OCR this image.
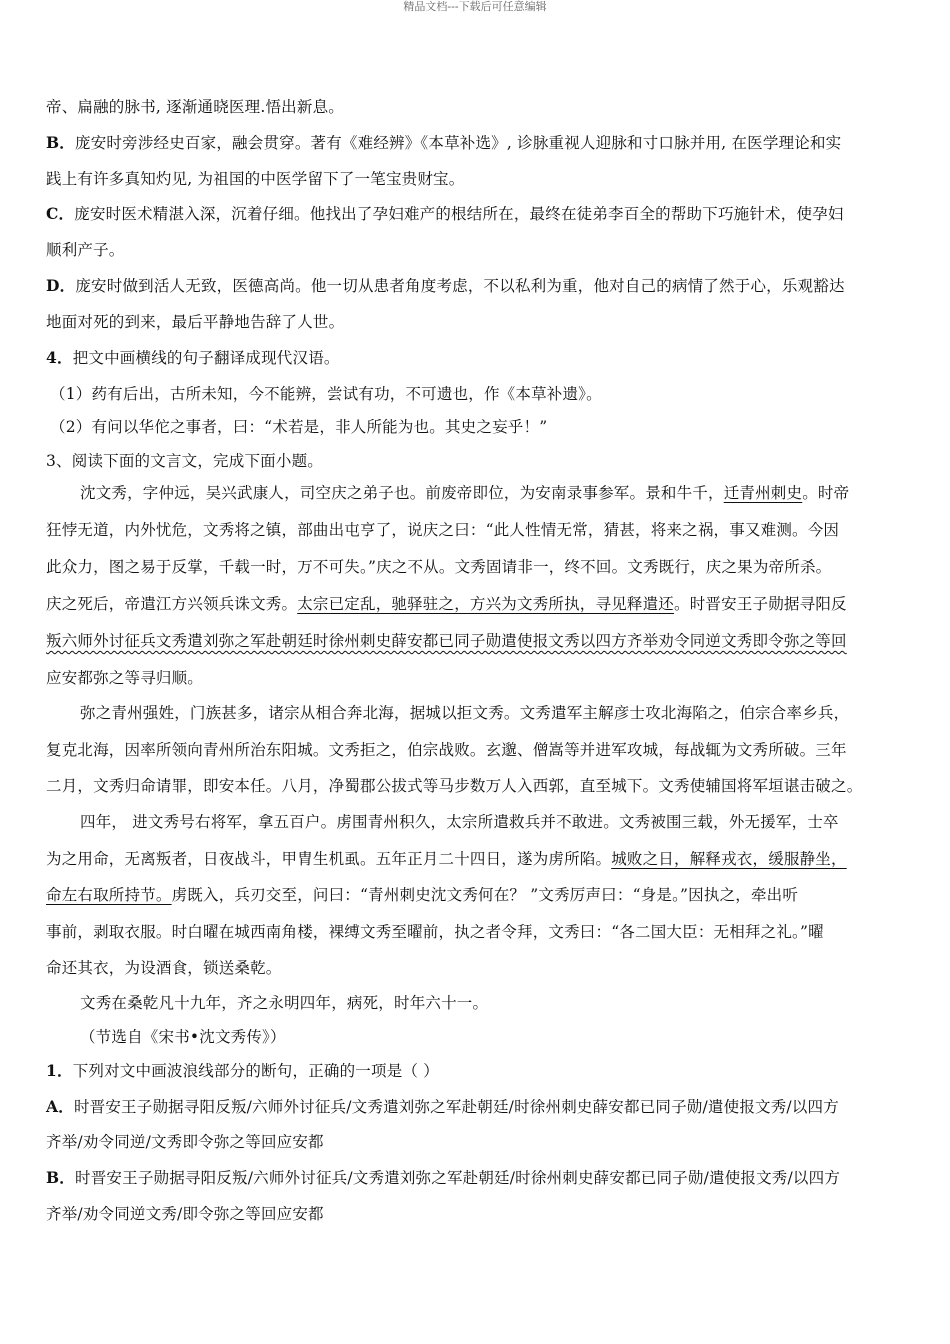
精品文档---下载后可任意编辑
帝、扁融的脉书, 逐渐通晓医理.悟出新息。
B．庞安时旁涉经史百家，融会贯穿。著有《难经辨》《本草补选》, 诊脉重视人迎脉和寸口脉并用, 在医学理论和实
践上有许多真知灼见, 为祖国的中医学留下了一笔宝贵财宝。
C．庞安时医术精湛入深，沉着仔细。他找出了孕妇难产的根结所在，最终在徒弟李百全的帮助下巧施针术，使孕妇
顺利产子。
D．庞安时做到活人无致，医德高尚。他一切从患者角度考虑，不以私利为重，他对自己的病情了然于心，乐观豁达
地面对死的到来，最后平静地告辞了人世。
4．把文中画横线的句子翻译成现代汉语。
（1）药有后出，古所未知，今不能辨，尝试有功，不可遗也，作《本草补遗》。
（2）有问以华佗之事者，曰：“术若是，非人所能为也。其史之妄乎！”
3、阅读下面的文言文，完成下面小题。
沈文秀，字仲远，吴兴武康人，司空庆之弟子也。前废帝即位，为安南录事参军。景和牛千，迁青州刺史。时帝
狂悖无道，内外忧危，文秀将之镇，部曲出屯亨了，说庆之曰：“此人性情无常，猜甚，将来之祸，事又难测。今因
此众力，图之易于反掌，千载一时，万不可失。”庆之不从。文秀固请非一，终不回。文秀既行，庆之果为帝所杀。
庆之死后，帝遣江方兴领兵诛文秀。太宗已定乱，驰驿驻之，方兴为文秀所执，寻见释遣还。时晋安王子勋据寻阳反
叛六师外讨征兵文秀遣刘弥之军赴朝廷时徐州刺史薛安都已同子勋遣使报文秀以四方齐举劝令同逆文秀即令弥之等回
应安都弥之等寻归顺。
弥之青州强姓，门族甚多，诸宗从相合奔北海，据城以拒文秀。文秀遣军主解彦士攻北海陷之，伯宗合率乡兵，
复克北海，因率所领向青州所治东阳城。文秀拒之，伯宗战败。玄邈、僧嵩等并进军攻城，每战辄为文秀所破。三年
二月，文秀归命请罪，即安本任。八月，净蜀郡公拔式等马步数万人入西郭，直至城下。文秀使辅国将军垣谌击破之。
四年， 进文秀号右将军，拿五百户。虏围青州积久，太宗所遣救兵并不敢进。文秀被围三载，外无援军，士卒
为之用命，无离叛者，日夜战斗，甲胄生机虱。五年正月二十四日，遂为虏所陷。城败之日，解释戎衣，缓服静坐，
命左右取所持节。虏既入，兵刃交至，问曰：“青州刺史沈文秀何在？ ”文秀厉声曰：“身是。”因执之，牵出听
事前，剥取衣服。时白曜在城西南角楼，裸缚文秀至曜前，执之者令拜，文秀曰：“各二国大臣：无相拜之礼。”曜
命还其衣，为设酒食，锁送桑乾。
文秀在桑乾凡十九年，齐之永明四年，病死，时年六十一。
（节选自《宋书•沈文秀传》）
1．下列对文中画波浪线部分的断句，正确的一项是（ ）
A．时晋安王子勋据寻阳反叛/六师外讨征兵/文秀遣刘弥之军赴朝廷/时徐州刺史薛安都已同子勋/遣使报文秀/以四方
齐举/劝令同逆/文秀即令弥之等回应安都
B．时晋安王子勋据寻阳反叛/六师外讨征兵/文秀遣刘弥之军赴朝廷/时徐州刺史薛安都已同子勋/遣使报文秀/以四方
齐举/劝令同逆文秀/即令弥之等回应安都
